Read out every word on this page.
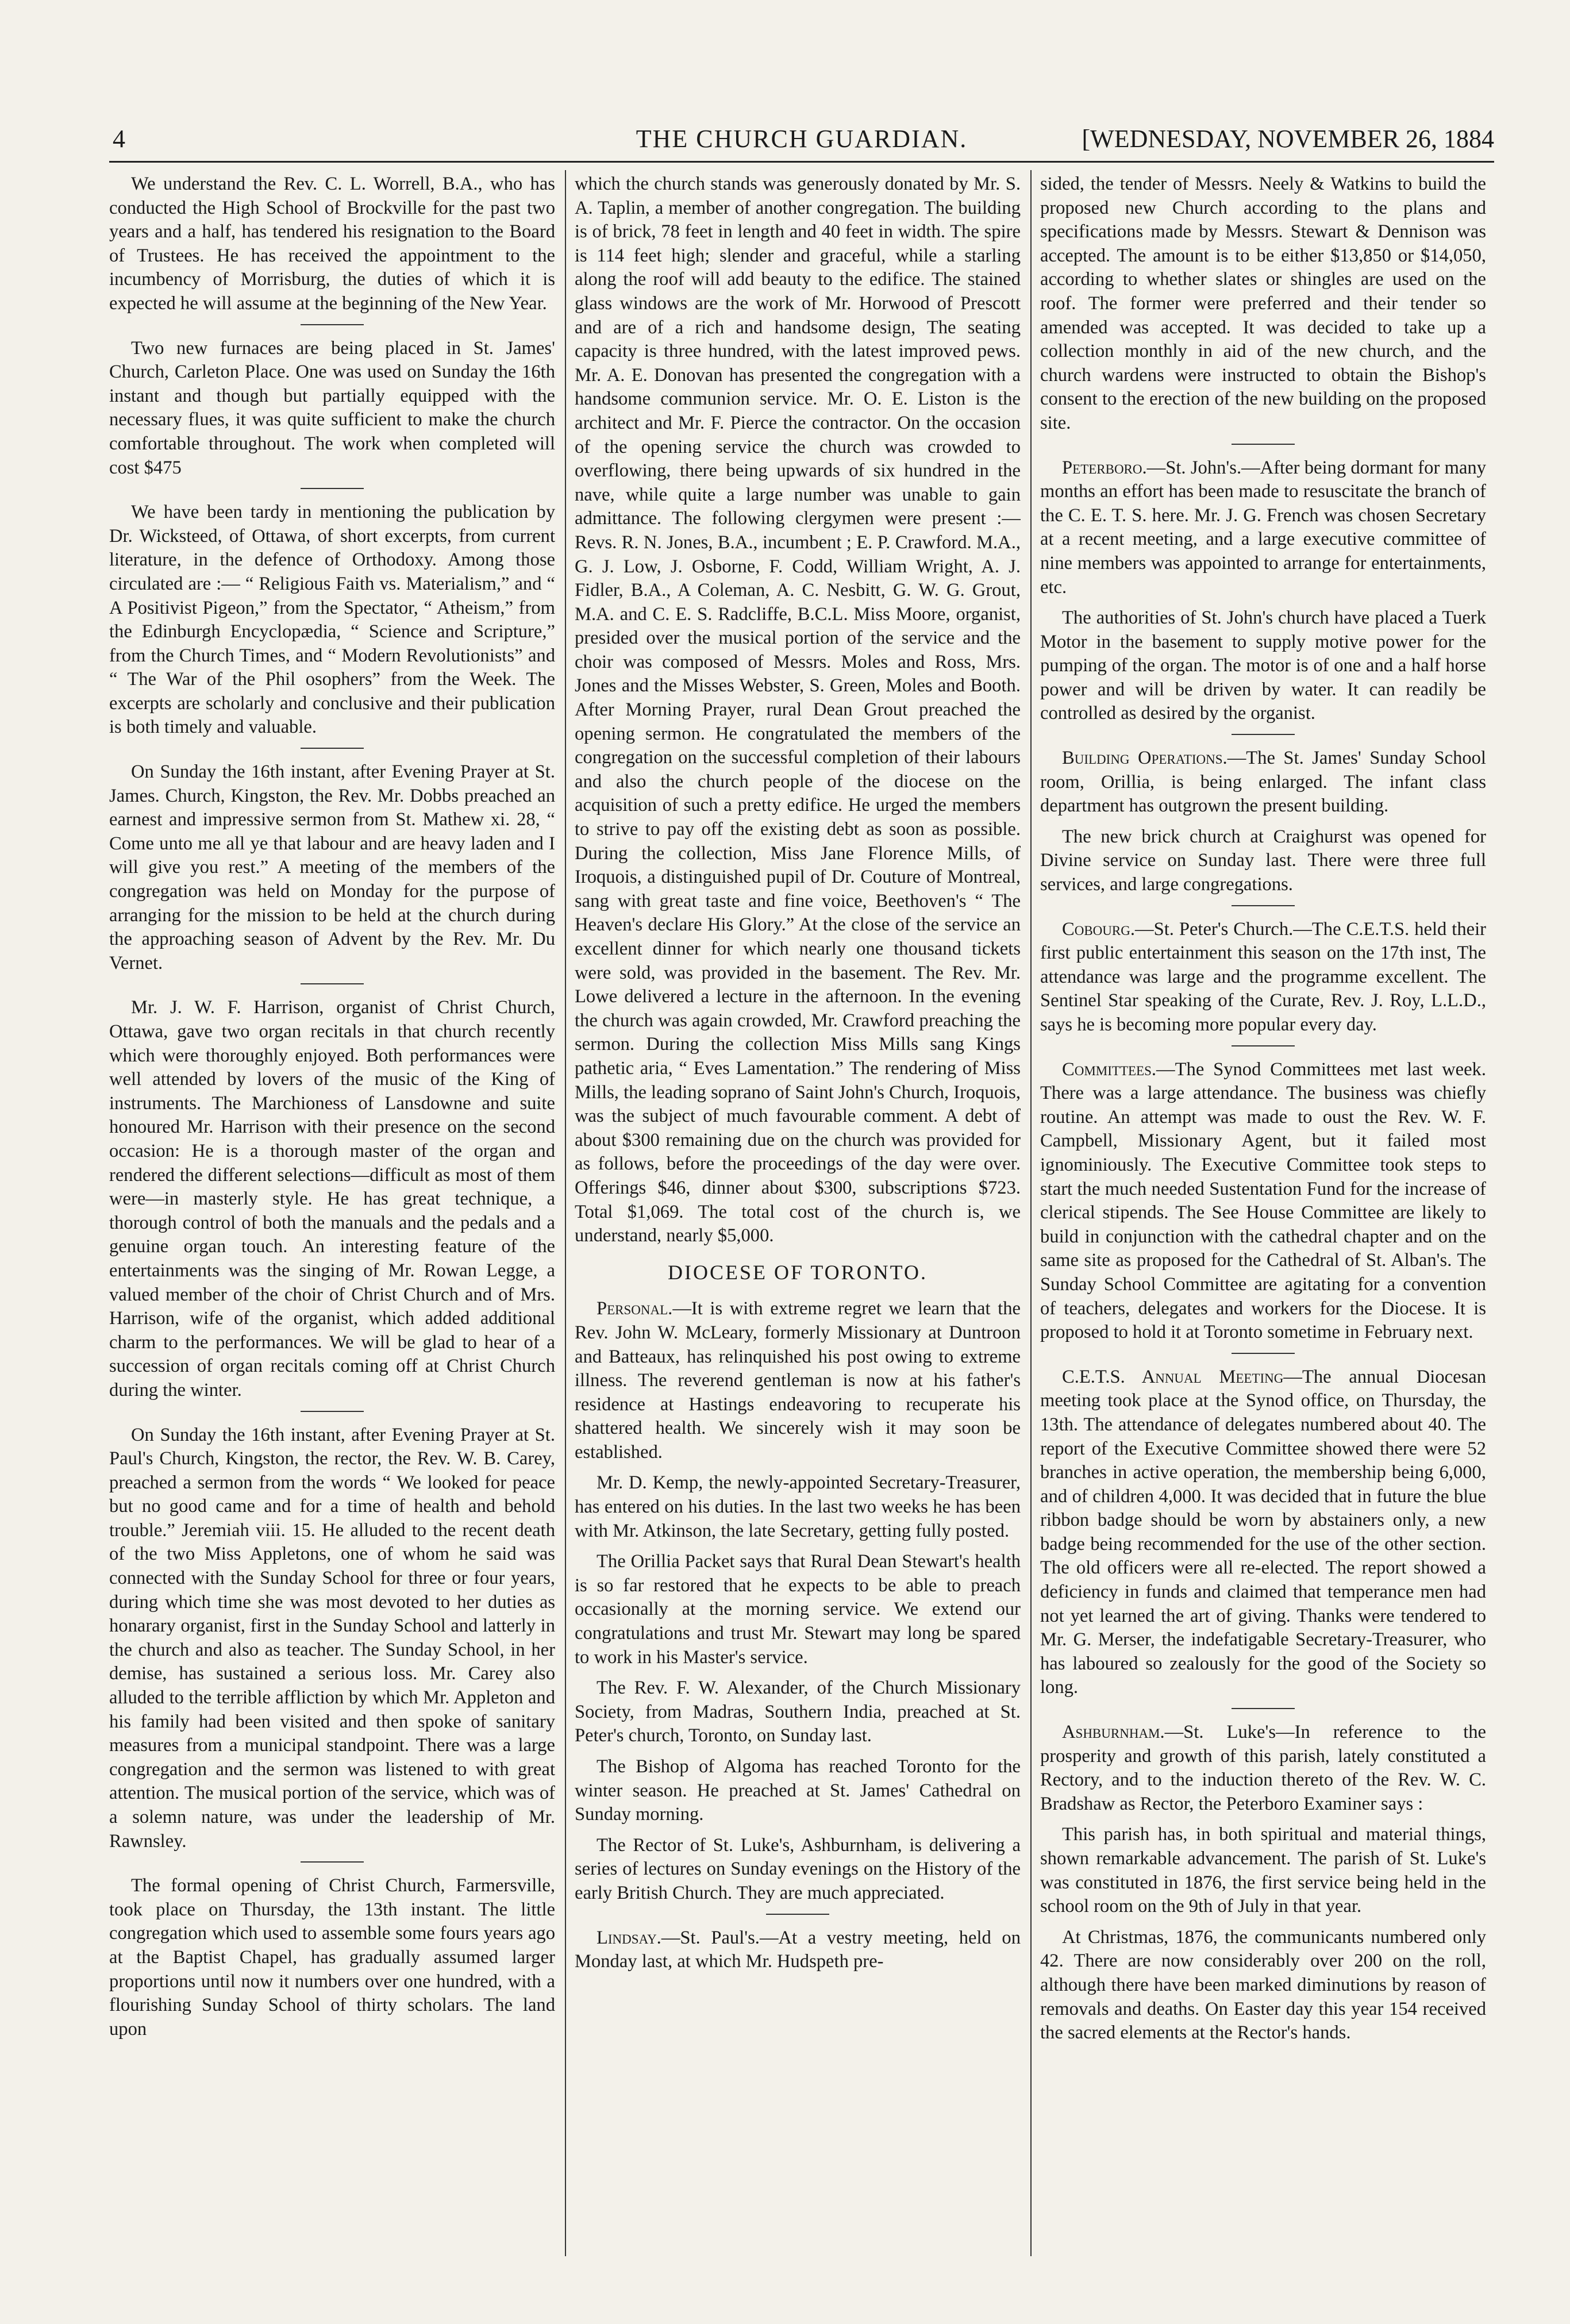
4	THE CHURCH GUARDIAN.	[WEDNESDAY, NOVEMBER 26, 1884

We understand the Rev. C. L. Worrell, B.A., who has conducted the High School of Brockville for the past two years and a half, has tendered his resignation to the Board of Trustees. He has received the appointment to the incumbency of Morrisburg, the duties of which it is expected he will assume at the beginning of the New Year.

Two new furnaces are being placed in St. James' Church, Carleton Place. One was used on Sunday the 16th instant and though but partially equipped with the necessary flues, it was quite sufficient to make the church comfortable throughout. The work when completed will cost $475

We have been tardy in mentioning the publication by Dr. Wicksteed, of Ottawa, of short excerpts, from current literature, in the defence of Orthodoxy. Among those circulated are :— “ Religious Faith vs. Materialism,” and “ A Positivist Pigeon,” from the Spectator, “ Atheism,” from the Edinburgh Encyclopædia, “ Science and Scripture,” from the Church Times, and “ Modern Revolutionists” and “ The War of the Phil osophers” from the Week. The excerpts are scholarly and conclusive and their publication is both timely and valuable.

On Sunday the 16th instant, after Evening Prayer at St. James. Church, Kingston, the Rev. Mr. Dobbs preached an earnest and impressive sermon from St. Mathew xi. 28, “ Come unto me all ye that labour and are heavy laden and I will give you rest.” A meeting of the members of the congregation was held on Monday for the purpose of arranging for the mission to be held at the church during the approaching season of Advent by the Rev. Mr. Du Vernet.

Mr. J. W. F. Harrison, organist of Christ Church, Ottawa, gave two organ recitals in that church recently which were thoroughly enjoyed. Both performances were well attended by lovers of the music of the King of instruments. The Marchioness of Lansdowne and suite honoured Mr. Harrison with their presence on the second occasion: He is a thorough master of the organ and rendered the different selections—difficult as most of them were—in masterly style. He has great technique, a thorough control of both the manuals and the pedals and a genuine organ touch. An interesting feature of the entertainments was the singing of Mr. Rowan Legge, a valued member of the choir of Christ Church and of Mrs. Harrison, wife of the organist, which added additional charm to the performances. We will be glad to hear of a succession of organ recitals coming off at Christ Church during the winter.

On Sunday the 16th instant, after Evening Prayer at St. Paul's Church, Kingston, the rector, the Rev. W. B. Carey, preached a sermon from the words “ We looked for peace but no good came and for a time of health and behold trouble.” Jeremiah viii. 15. He alluded to the recent death of the two Miss Appletons, one of whom he said was connected with the Sunday School for three or four years, during which time she was most devoted to her duties as honarary organist, first in the Sunday School and latterly in the church and also as teacher. The Sunday School, in her demise, has sustained a serious loss. Mr. Carey also alluded to the terrible affliction by which Mr. Appleton and his family had been visited and then spoke of sanitary measures from a municipal standpoint. There was a large congregation and the sermon was listened to with great attention. The musical portion of the service, which was of a solemn nature, was under the leadership of Mr. Rawnsley.

The formal opening of Christ Church, Farmersville, took place on Thursday, the 13th instant. The little congregation which used to assemble some fours years ago at the Baptist Chapel, has gradually assumed larger proportions until now it numbers over one hundred, with a flourishing Sunday School of thirty scholars. The land upon

which the church stands was generously donated by Mr. S. A. Taplin, a member of another congregation. The building is of brick, 78 feet in length and 40 feet in width. The spire is 114 feet high; slender and graceful, while a starling along the roof will add beauty to the edifice. The stained glass windows are the work of Mr. Horwood of Prescott and are of a rich and handsome design, The seating capacity is three hundred, with the latest improved pews. Mr. A. E. Donovan has presented the congregation with a handsome communion service. Mr. O. E. Liston is the architect and Mr. F. Pierce the contractor. On the occasion of the opening service the church was crowded to overflowing, there being upwards of six hundred in the nave, while quite a large number was unable to gain admittance. The following clergymen were present :—Revs. R. N. Jones, B.A., incumbent ; E. P. Crawford. M.A., G. J. Low, J. Osborne, F. Codd, William Wright, A. J. Fidler, B.A., A Coleman, A. C. Nesbitt, G. W. G. Grout, M.A. and C. E. S. Radcliffe, B.C.L. Miss Moore, organist, presided over the musical portion of the service and the choir was composed of Messrs. Moles and Ross, Mrs. Jones and the Misses Webster, S. Green, Moles and Booth. After Morning Prayer, rural Dean Grout preached the opening sermon. He congratulated the members of the congregation on the successful completion of their labours and also the church people of the diocese on the acquisition of such a pretty edifice. He urged the members to strive to pay off the existing debt as soon as possible. During the collection, Miss Jane Florence Mills, of Iroquois, a distinguished pupil of Dr. Couture of Montreal, sang with great taste and fine voice, Beethoven's “ The Heaven's declare His Glory.” At the close of the service an excellent dinner for which nearly one thousand tickets were sold, was provided in the basement. The Rev. Mr. Lowe delivered a lecture in the afternoon. In the evening the church was again crowded, Mr. Crawford preaching the sermon. During the collection Miss Mills sang Kings pathetic aria, “ Eves Lamentation.” The rendering of Miss Mills, the leading soprano of Saint John's Church, Iroquois, was the subject of much favourable comment. A debt of about $300 remaining due on the church was provided for as follows, before the proceedings of the day were over. Offerings $46, dinner about $300, subscriptions $723. Total $1,069. The total cost of the church is, we understand, nearly $5,000.

DIOCESE OF TORONTO.

Personal.—It is with extreme regret we learn that the Rev. John W. McLeary, formerly Missionary at Duntroon and Batteaux, has relinquished his post owing to extreme illness. The reverend gentleman is now at his father's residence at Hastings endeavoring to recuperate his shattered health. We sincerely wish it may soon be established.

Mr. D. Kemp, the newly-appointed Secretary-Treasurer, has entered on his duties. In the last two weeks he has been with Mr. Atkinson, the late Secretary, getting fully posted.

The Orillia Packet says that Rural Dean Stewart's health is so far restored that he expects to be able to preach occasionally at the morning service. We extend our congratulations and trust Mr. Stewart may long be spared to work in his Master's service.

The Rev. F. W. Alexander, of the Church Missionary Society, from Madras, Southern India, preached at St. Peter's church, Toronto, on Sunday last.

The Bishop of Algoma has reached Toronto for the winter season. He preached at St. James' Cathedral on Sunday morning.

The Rector of St. Luke's, Ashburnham, is delivering a series of lectures on Sunday evenings on the History of the early British Church. They are much appreciated.

Lindsay.—St. Paul's.—At a vestry meeting, held on Monday last, at which Mr. Hudspeth pre-

sided, the tender of Messrs. Neely & Watkins to build the proposed new Church according to the plans and specifications made by Messrs. Stewart & Dennison was accepted. The amount is to be either $13,850 or $14,050, according to whether slates or shingles are used on the roof. The former were preferred and their tender so amended was accepted. It was decided to take up a collection monthly in aid of the new church, and the church wardens were instructed to obtain the Bishop's consent to the erection of the new building on the proposed site.

Peterboro.—St. John's.—After being dormant for many months an effort has been made to resuscitate the branch of the C. E. T. S. here. Mr. J. G. French was chosen Secretary at a recent meeting, and a large executive committee of nine members was appointed to arrange for entertainments, etc.

The authorities of St. John's church have placed a Tuerk Motor in the basement to supply motive power for the pumping of the organ. The motor is of one and a half horse power and will be driven by water. It can readily be controlled as desired by the organist.

Building Operations.—The St. James' Sunday School room, Orillia, is being enlarged. The infant class department has outgrown the present building.

The new brick church at Craighurst was opened for Divine service on Sunday last. There were three full services, and large congregations.

Cobourg.—St. Peter's Church.—The C.E.T.S. held their first public entertainment this season on the 17th inst, The attendance was large and the programme excellent. The Sentinel Star speaking of the Curate, Rev. J. Roy, L.L.D., says he is becoming more popular every day.

Committees.—The Synod Committees met last week. There was a large attendance. The business was chiefly routine. An attempt was made to oust the Rev. W. F. Campbell, Missionary Agent, but it failed most ignominiously. The Executive Committee took steps to start the much needed Sustentation Fund for the increase of clerical stipends. The See House Committee are likely to build in conjunction with the cathedral chapter and on the same site as proposed for the Cathedral of St. Alban's. The Sunday School Committee are agitating for a convention of teachers, delegates and workers for the Diocese. It is proposed to hold it at Toronto sometime in February next.

C.E.T.S. Annual Meeting—The annual Diocesan meeting took place at the Synod office, on Thursday, the 13th. The attendance of delegates numbered about 40. The report of the Executive Committee showed there were 52 branches in active operation, the membership being 6,000, and of children 4,000. It was decided that in future the blue ribbon badge should be worn by abstainers only, a new badge being recommended for the use of the other section. The old officers were all re-elected. The report showed a deficiency in funds and claimed that temperance men had not yet learned the art of giving. Thanks were tendered to Mr. G. Merser, the indefatigable Secretary-Treasurer, who has laboured so zealously for the good of the Society so long.

Ashburnham.—St. Luke's—In reference to the prosperity and growth of this parish, lately constituted a Rectory, and to the induction thereto of the Rev. W. C. Bradshaw as Rector, the Peterboro Examiner says :

This parish has, in both spiritual and material things, shown remarkable advancement. The parish of St. Luke's was constituted in 1876, the first service being held in the school room on the 9th of July in that year.

At Christmas, 1876, the communicants numbered only 42. There are now considerably over 200 on the roll, although there have been marked diminutions by reason of removals and deaths. On Easter day this year 154 received the sacred elements at the Rector's hands.
